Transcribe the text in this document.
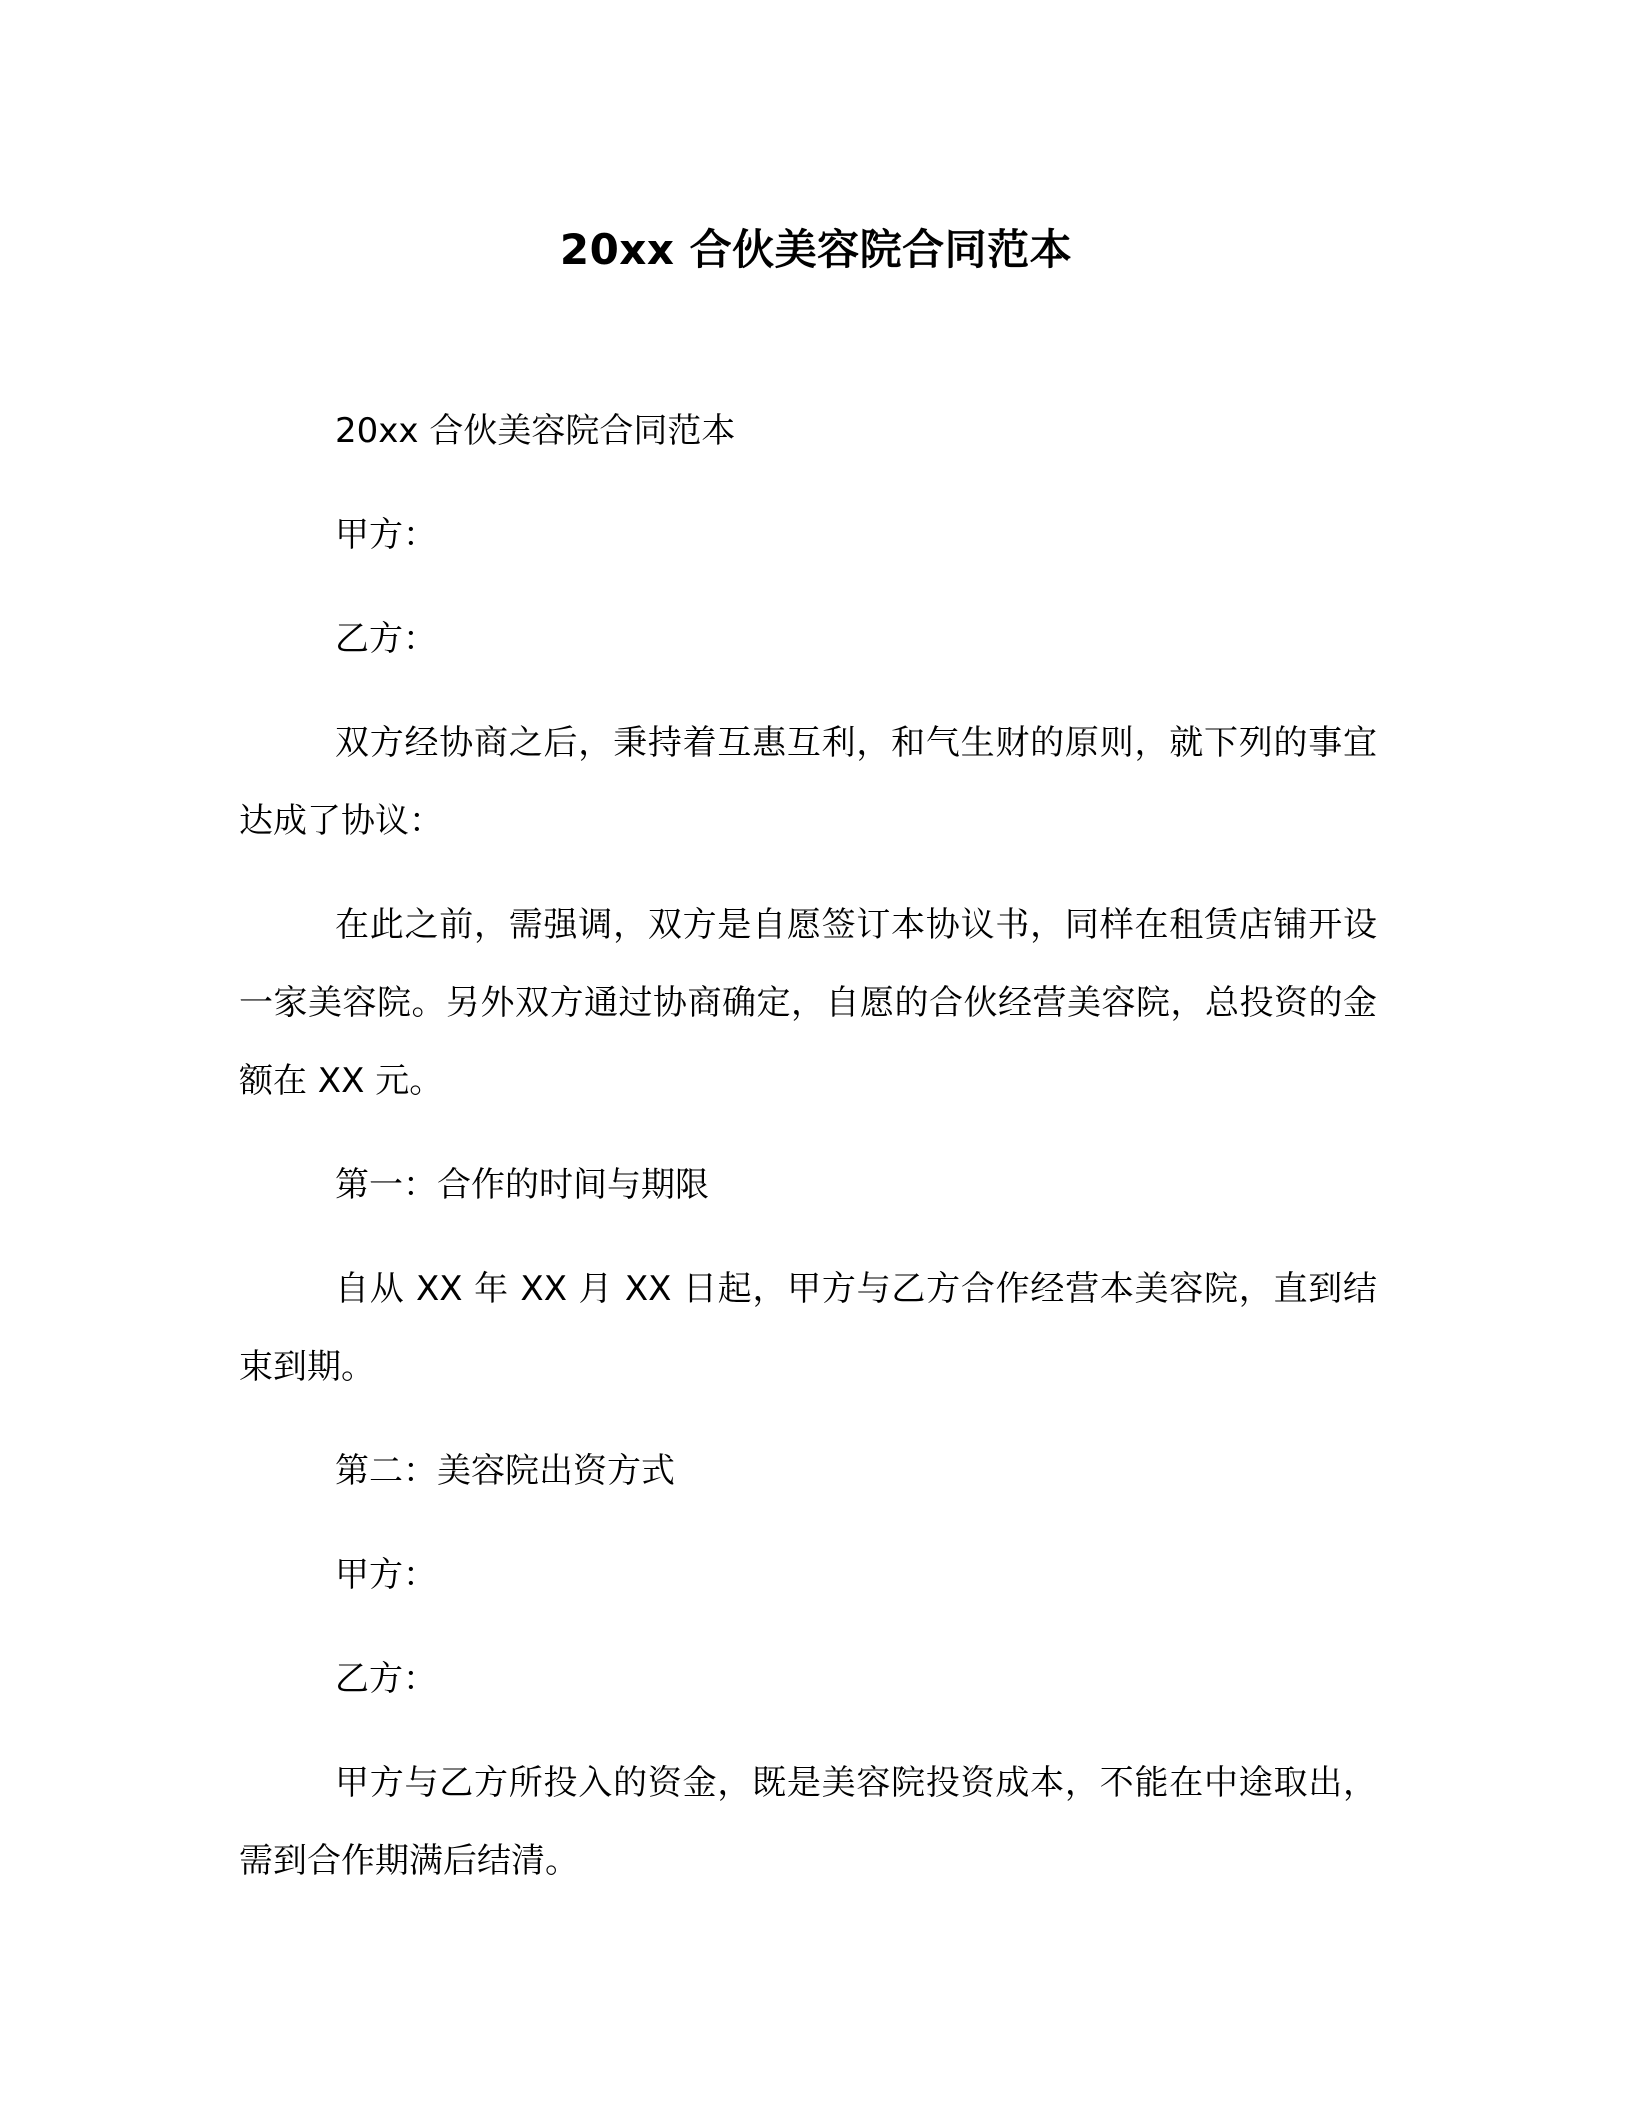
20xx 合伙美容院合同范本

20xx 合伙美容院合同范本

甲方：

乙方：

双方经协商之后，秉持着互惠互利，和气生财的原则，就下列的事宜达成了协议：

在此之前，需强调，双方是自愿签订本协议书，同样在租赁店铺开设一家美容院。另外双方通过协商确定，自愿的合伙经营美容院，总投资的金额在 XX 元。

第一：合作的时间与期限

自从 XX 年 XX 月 XX 日起，甲方与乙方合作经营本美容院，直到结束到期。

第二：美容院出资方式

甲方：

乙方：

甲方与乙方所投入的资金，既是美容院投资成本，不能在中途取出，需到合作期满后结清。
